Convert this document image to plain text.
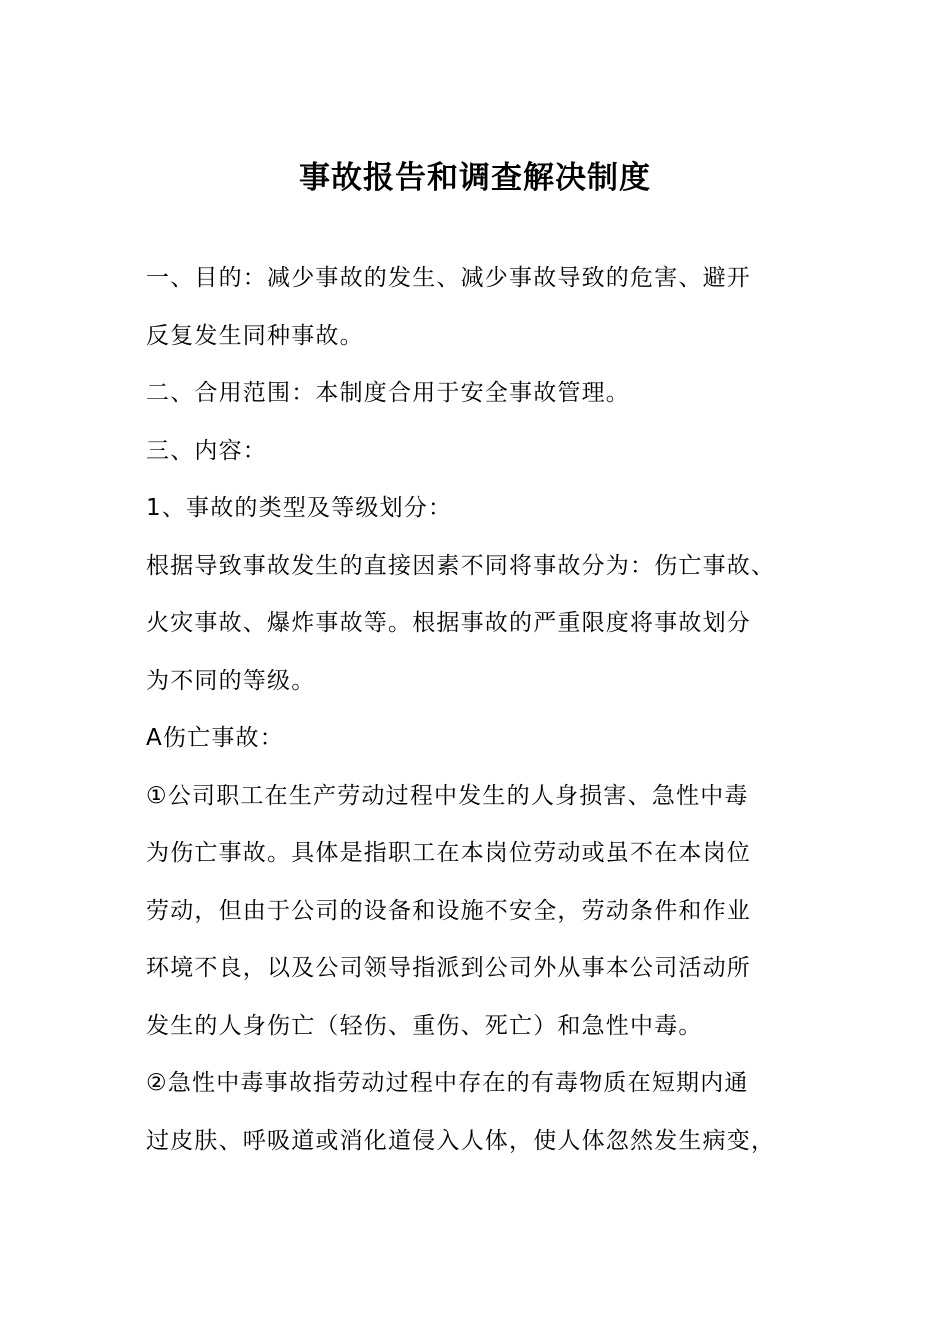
事故报告和调查解决制度
一、目的：减少事故的发生、减少事故导致的危害、避开
反复发生同种事故。
二、合用范围：本制度合用于安全事故管理。
三、内容：
1、事故的类型及等级划分：
根据导致事故发生的直接因素不同将事故分为：伤亡事故、
火灾事故、爆炸事故等。根据事故的严重限度将事故划分
为不同的等级。
A伤亡事故：
①公司职工在生产劳动过程中发生的人身损害、急性中毒
为伤亡事故。具体是指职工在本岗位劳动或虽不在本岗位
劳动，但由于公司的设备和设施不安全，劳动条件和作业
环境不良，以及公司领导指派到公司外从事本公司活动所
发生的人身伤亡（轻伤、重伤、死亡）和急性中毒。
②急性中毒事故指劳动过程中存在的有毒物质在短期内通
过皮肤、呼吸道或消化道侵入人体，使人体忽然发生病变，
